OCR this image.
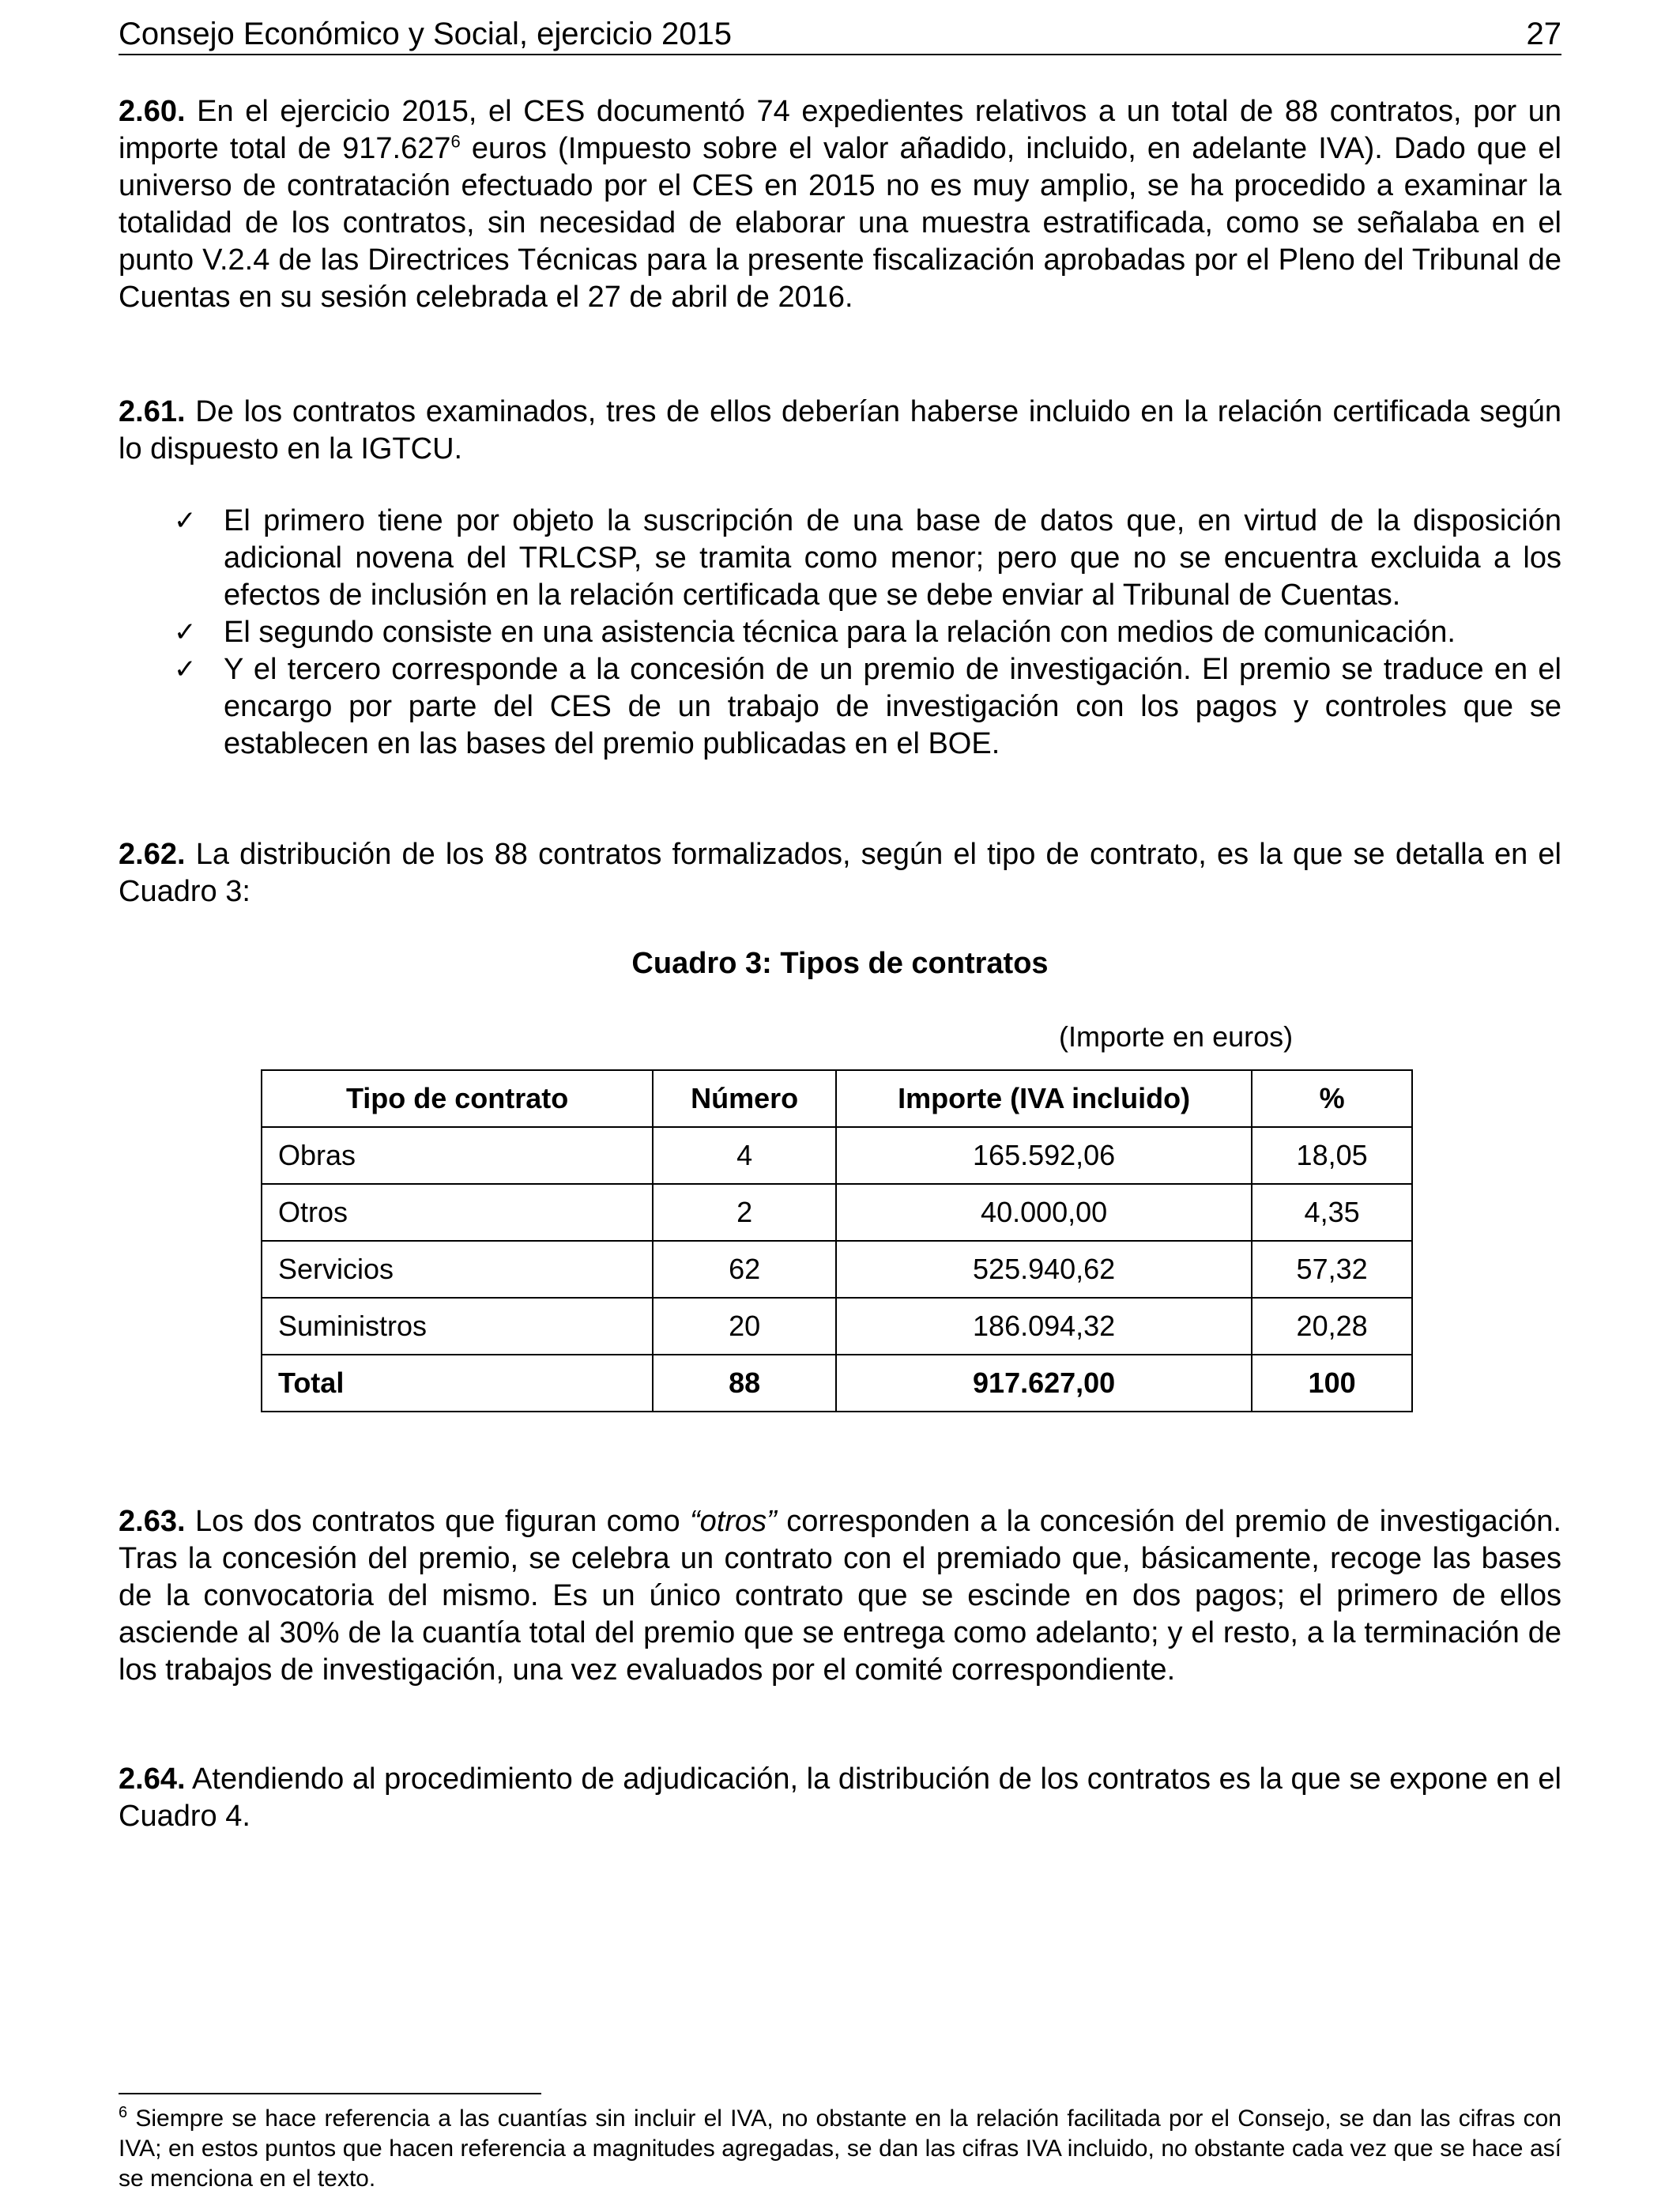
Consejo Económico y Social, ejercicio 2015	27

2.60. En el ejercicio 2015, el CES documentó 74 expedientes relativos a un total de 88 contratos, por un importe total de 917.627$^6$ euros (Impuesto sobre el valor añadido, incluido, en adelante IVA). Dado que el universo de contratación efectuado por el CES en 2015 no es muy amplio, se ha procedido a examinar la totalidad de los contratos, sin necesidad de elaborar una muestra estratificada, como se señalaba en el punto V.2.4 de las Directrices Técnicas para la presente fiscalización aprobadas por el Pleno del Tribunal de Cuentas en su sesión celebrada el 27 de abril de 2016.

2.61. De los contratos examinados, tres de ellos deberían haberse incluido en la relación certificada según lo dispuesto en la IGTCU.

✓ El primero tiene por objeto la suscripción de una base de datos que, en virtud de la disposición adicional novena del TRLCSP, se tramita como menor; pero que no se encuentra excluida a los efectos de inclusión en la relación certificada que se debe enviar al Tribunal de Cuentas.
✓ El segundo consiste en una asistencia técnica para la relación con medios de comunicación.
✓ Y el tercero corresponde a la concesión de un premio de investigación. El premio se traduce en el encargo por parte del CES de un trabajo de investigación con los pagos y controles que se establecen en las bases del premio publicadas en el BOE.

2.62. La distribución de los 88 contratos formalizados, según el tipo de contrato, es la que se detalla en el Cuadro 3:

Cuadro 3: Tipos de contratos
(Importe en euros)
Tipo de contrato	Número	Importe (IVA incluido)	%
Obras	4	165.592,06	18,05
Otros	2	40.000,00	4,35
Servicios	62	525.940,62	57,32
Suministros	20	186.094,32	20,28
Total	88	917.627,00	100

2.63. Los dos contratos que figuran como “otros” corresponden a la concesión del premio de investigación. Tras la concesión del premio, se celebra un contrato con el premiado que, básicamente, recoge las bases de la convocatoria del mismo. Es un único contrato que se escinde en dos pagos; el primero de ellos asciende al 30% de la cuantía total del premio que se entrega como adelanto; y el resto, a la terminación de los trabajos de investigación, una vez evaluados por el comité correspondiente.

2.64. Atendiendo al procedimiento de adjudicación, la distribución de los contratos es la que se expone en el Cuadro 4.

$^6$ Siempre se hace referencia a las cuantías sin incluir el IVA, no obstante en la relación facilitada por el Consejo, se dan las cifras con IVA; en estos puntos que hacen referencia a magnitudes agregadas, se dan las cifras IVA incluido, no obstante cada vez que se hace así se menciona en el texto.
